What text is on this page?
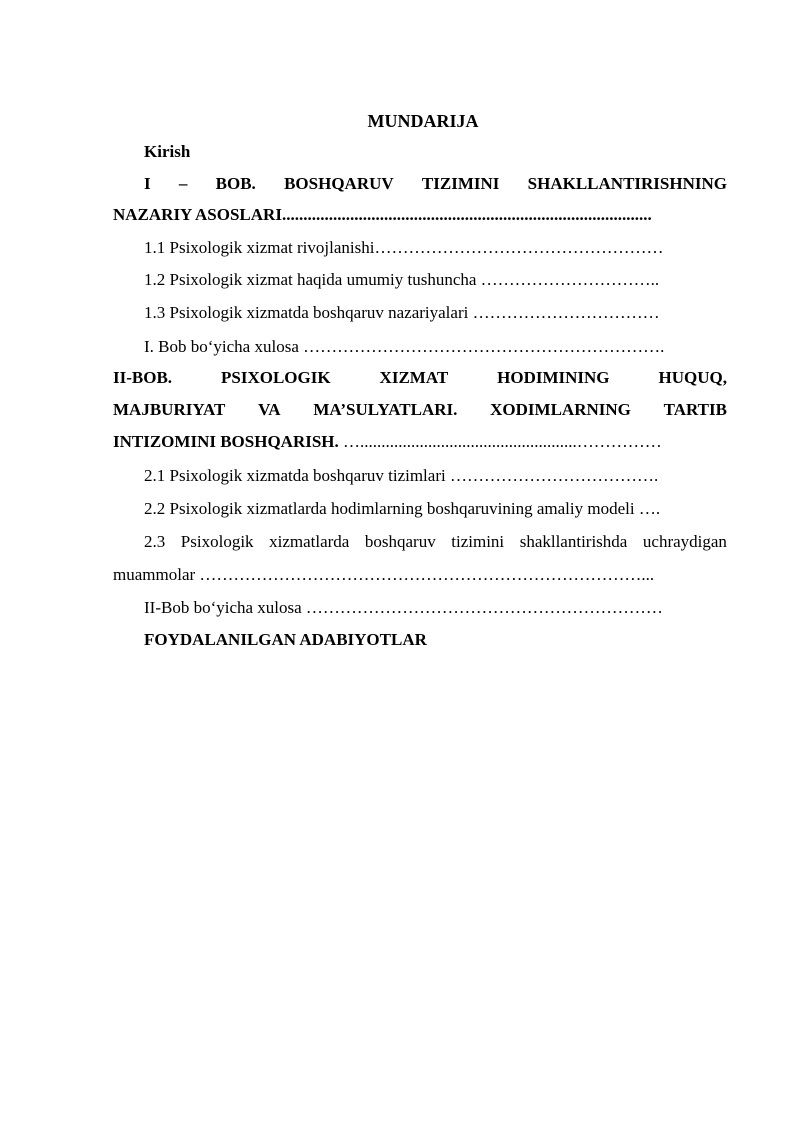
MUNDARIJA
Kirish
I – BOB. BOSHQARUV TIZIMINI SHAKLLANTIRISHNING
NAZARIY ASOSLARI.......................................................................................
1.1 Psixologik xizmat rivojlanishi……………………………………………
1.2 Psixologik xizmat haqida umumiy tushuncha …………………………..
1.3 Psixologik xizmatda boshqaruv nazariyalari ……………………………
I. Bob bo‘yicha xulosa ……………………………………………………….
II-BOB.	PSIXOLOGIK	XIZMAT	HODIMINING	HUQUQ,
MAJBURIYAT VA MA’SULYATLARI. XODIMLARNING TARTIB
INTIZOMINI BOSHQARISH. …...................................................……………
2.1 Psixologik xizmatda boshqaruv tizimlari ……………………………….
2.2 Psixologik xizmatlarda hodimlarning boshqaruvining amaliy modeli ….
2.3 Psixologik xizmatlarda boshqaruv tizimini shakllantirishda uchraydigan
muammolar ……………………………………………………………………...
II-Bob bo‘yicha xulosa ………………………………………………………
FOYDALANILGAN ADABIYOTLAR
